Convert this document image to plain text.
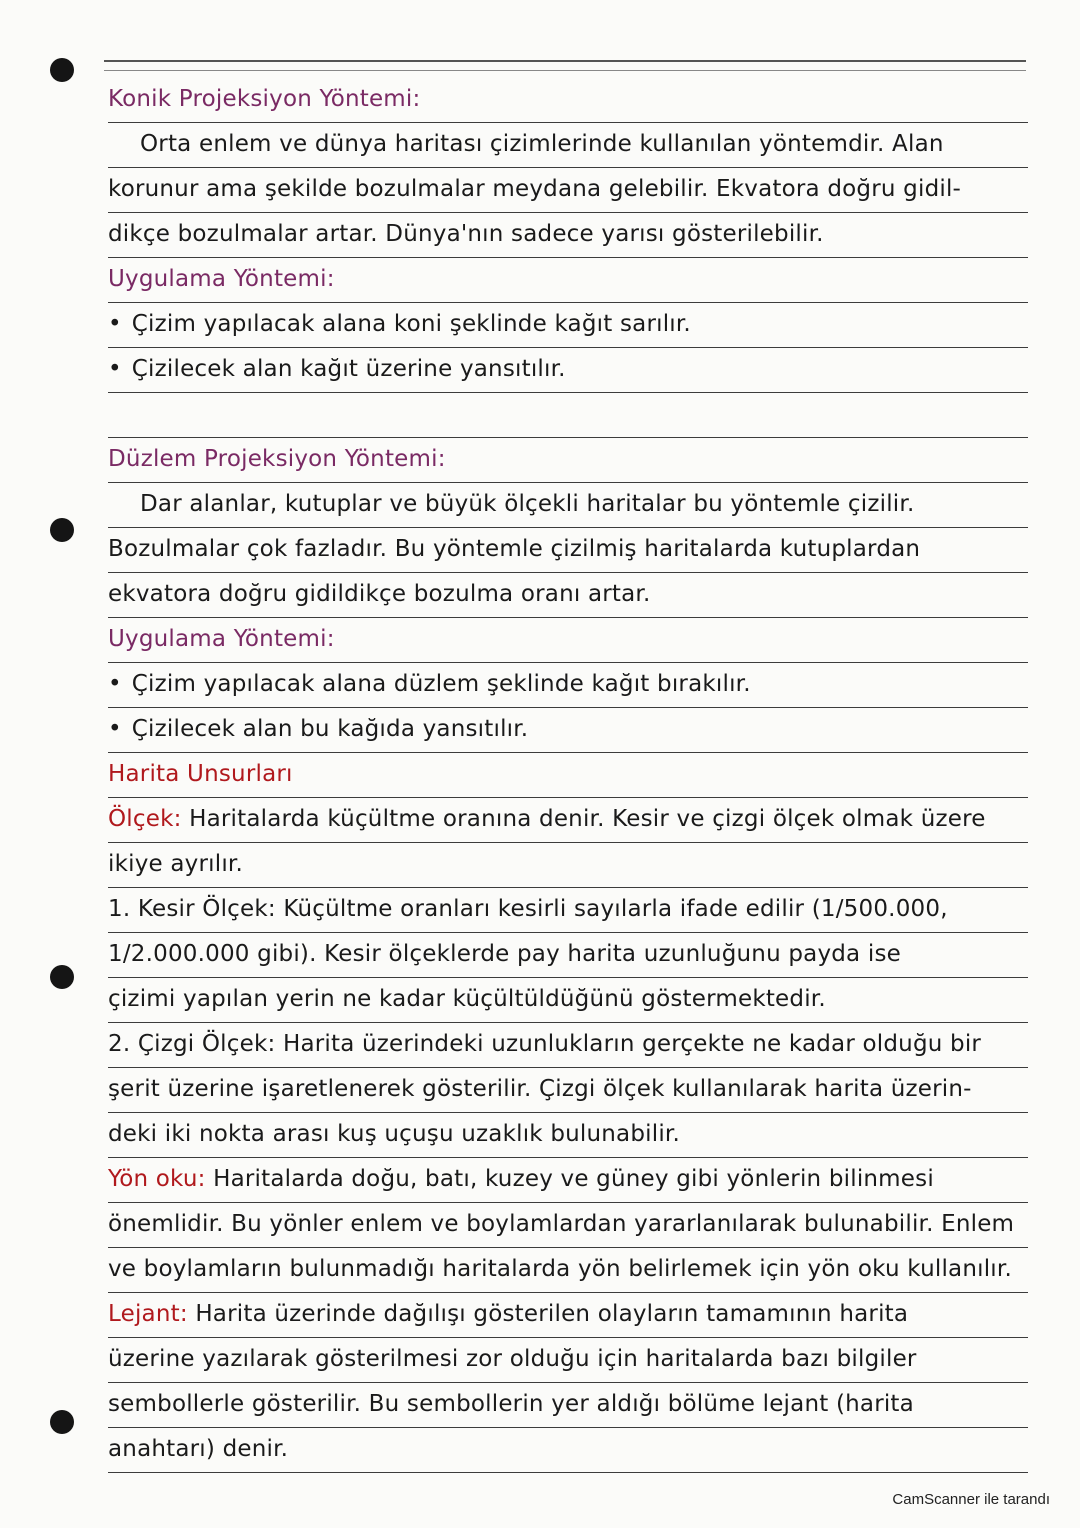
Konik Projeksiyon Yöntemi:
Orta enlem ve dünya haritası çizimlerinde kullanılan yöntemdir. Alan
korunur ama şekilde bozulmalar meydana gelebilir. Ekvatora doğru gidil-
dikçe bozulmalar artar. Dünya'nın sadece yarısı gösterilebilir.
Uygulama Yöntemi:
• Çizim yapılacak alana koni şeklinde kağıt sarılır.
• Çizilecek alan kağıt üzerine yansıtılır.
Düzlem Projeksiyon Yöntemi:
Dar alanlar, kutuplar ve büyük ölçekli haritalar bu yöntemle çizilir.
Bozulmalar çok fazladır. Bu yöntemle çizilmiş haritalarda kutuplardan
ekvatora doğru gidildikçe bozulma oranı artar.
Uygulama Yöntemi:
• Çizim yapılacak alana düzlem şeklinde kağıt bırakılır.
• Çizilecek alan bu kağıda yansıtılır.
Harita Unsurları
Ölçek: Haritalarda küçültme oranına denir. Kesir ve çizgi ölçek olmak üzere
ikiye ayrılır.
1. Kesir Ölçek: Küçültme oranları kesirli sayılarla ifade edilir (1/500.000,
1/2.000.000 gibi). Kesir ölçeklerde pay harita uzunluğunu payda ise
çizimi yapılan yerin ne kadar küçültüldüğünü göstermektedir.
2. Çizgi Ölçek: Harita üzerindeki uzunlukların gerçekte ne kadar olduğu bir
şerit üzerine işaretlenerek gösterilir. Çizgi ölçek kullanılarak harita üzerin-
deki iki nokta arası kuş uçuşu uzaklık bulunabilir.
Yön oku: Haritalarda doğu, batı, kuzey ve güney gibi yönlerin bilinmesi
önemlidir. Bu yönler enlem ve boylamlardan yararlanılarak bulunabilir. Enlem
ve boylamların bulunmadığı haritalarda yön belirlemek için yön oku kullanılır.
Lejant: Harita üzerinde dağılışı gösterilen olayların tamamının harita
üzerine yazılarak gösterilmesi zor olduğu için haritalarda bazı bilgiler
sembollerle gösterilir. Bu sembollerin yer aldığı bölüme lejant (harita
anahtarı) denir.
CamScanner ile tarandı
